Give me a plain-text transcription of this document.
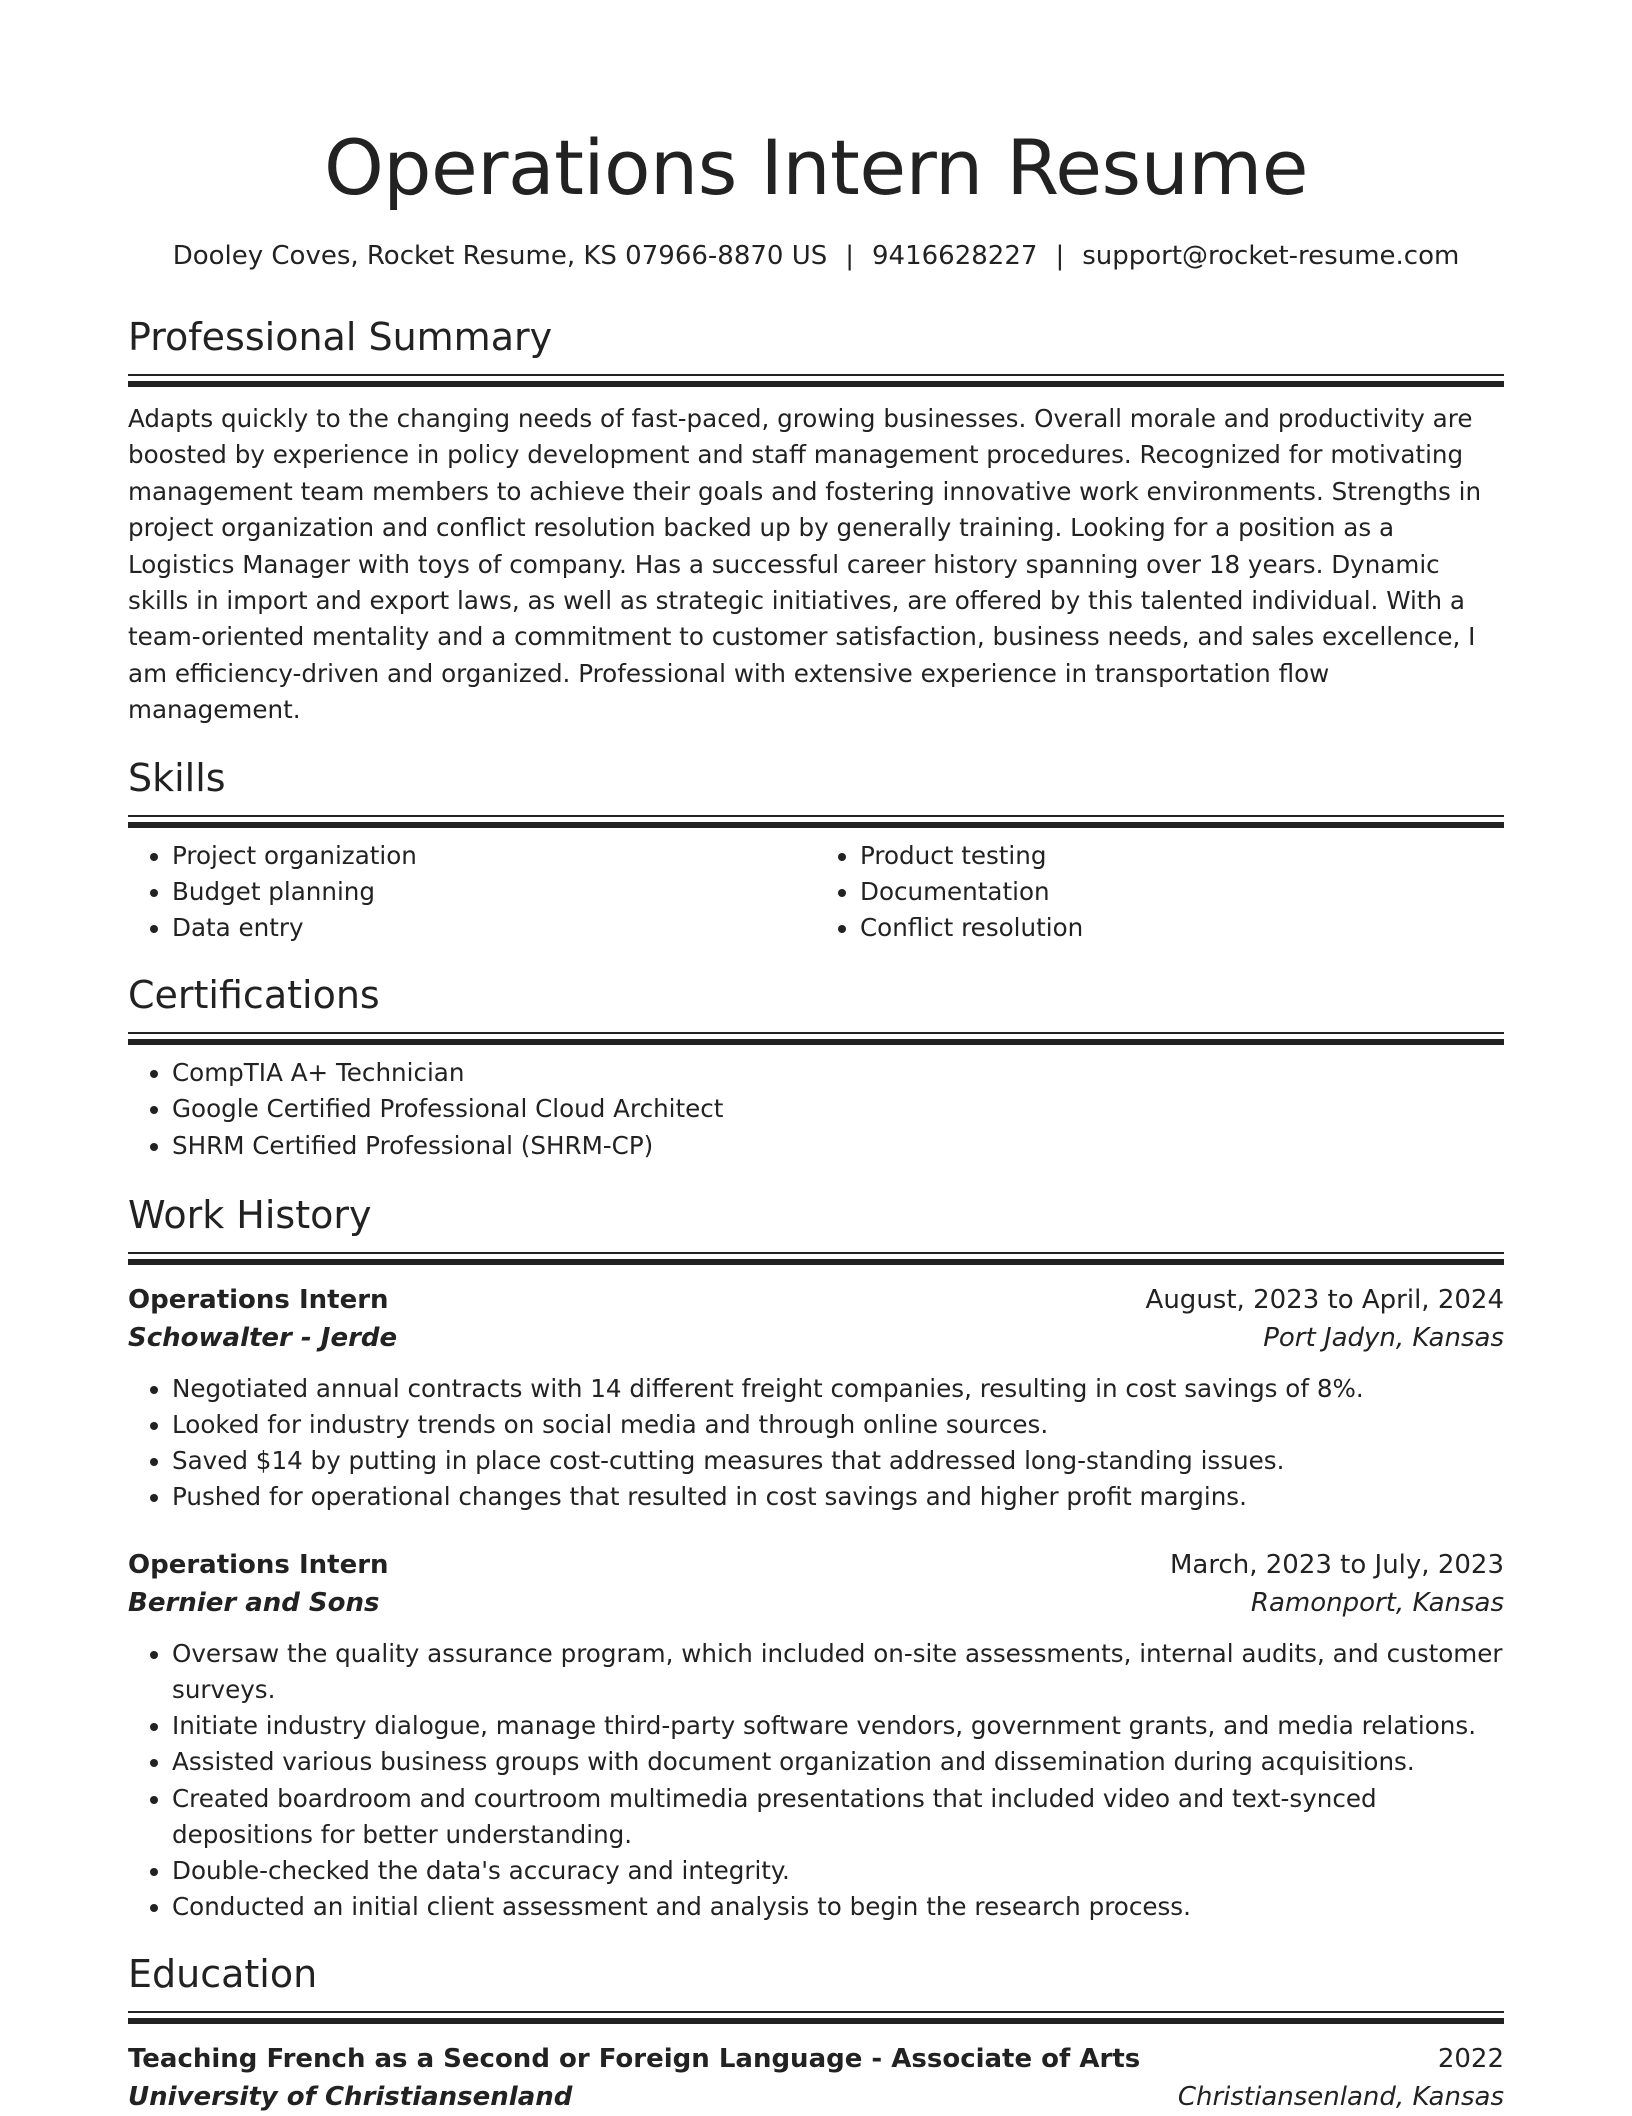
Operations Intern Resume
Dooley Coves, Rocket Resume, KS 07966-8870 US | 9416628227 | support@rocket-resume.com
Professional Summary

Adapts quickly to the changing needs of fast-paced, growing businesses. Overall morale and productivity are boosted by experience in policy development and staff management procedures. Recognized for motivating management team members to achieve their goals and fostering innovative work environments. Strengths in project organization and conflict resolution backed up by generally training. Looking for a position as a Logistics Manager with toys of company. Has a successful career history spanning over 18 years. Dynamic skills in import and export laws, as well as strategic initiatives, are offered by this talented individual. With a team-oriented mentality and a commitment to customer satisfaction, business needs, and sales excellence, I am efficiency-driven and organized. Professional with extensive experience in transportation flow management.

Skills
• Project organization
• Budget planning
• Data entry
• Product testing
• Documentation
• Conflict resolution
Certifications
• CompTIA A+ Technician
• Google Certified Professional Cloud Architect
• SHRM Certified Professional (SHRM-CP)
Work History
Operations Intern	August, 2023 to April, 2024
Schowalter - Jerde	Port Jadyn, Kansas
• Negotiated annual contracts with 14 different freight companies, resulting in cost savings of 8%.
• Looked for industry trends on social media and through online sources.
• Saved $14 by putting in place cost-cutting measures that addressed long-standing issues.
• Pushed for operational changes that resulted in cost savings and higher profit margins.
Operations Intern	March, 2023 to July, 2023
Bernier and Sons	Ramonport, Kansas
• Oversaw the quality assurance program, which included on-site assessments, internal audits, and customer surveys.
• Initiate industry dialogue, manage third-party software vendors, government grants, and media relations.
• Assisted various business groups with document organization and dissemination during acquisitions.
• Created boardroom and courtroom multimedia presentations that included video and text-synced depositions for better understanding.
• Double-checked the data's accuracy and integrity.
• Conducted an initial client assessment and analysis to begin the research process.
Education
Teaching French as a Second or Foreign Language - Associate of Arts	2022
University of Christiansenland	Christiansenland, Kansas
